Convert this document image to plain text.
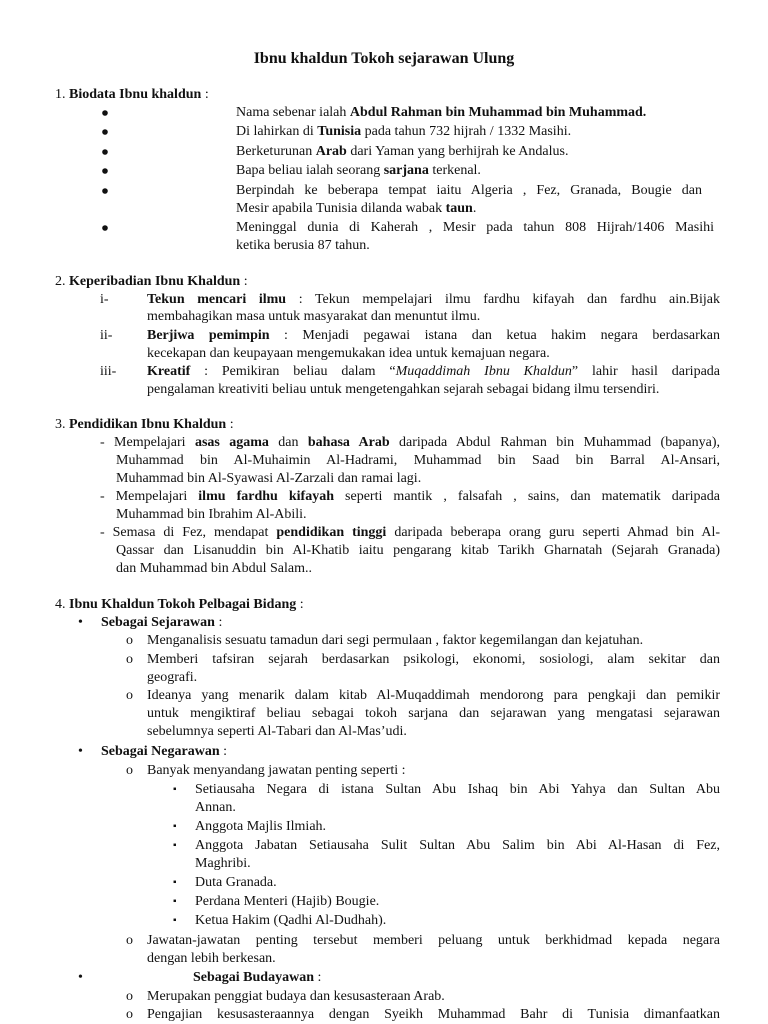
Ibnu khaldun Tokoh sejarawan Ulung
1. Biodata Ibnu khaldun :
Nama sebenar ialah Abdul Rahman bin Muhammad bin Muhammad.
Di lahirkan di Tunisia pada tahun 732 hijrah / 1332 Masihi.
Berketurunan Arab dari Yaman yang berhijrah ke Andalus.
Bapa beliau ialah seorang sarjana terkenal.
Berpindah ke beberapa tempat iaitu Algeria , Fez, Granada, Bougie dan
Mesir apabila Tunisia dilanda wabak taun.
Meninggal dunia di Kaherah , Mesir pada tahun 808 Hijrah/1406 Masihi
ketika berusia 87 tahun.
2. Keperibadian Ibnu Khaldun :
i-	Tekun mencari ilmu : Tekun mempelajari ilmu fardhu kifayah dan fardhu ain.Bijak
membahagikan masa untuk masyarakat dan menuntut ilmu.
ii- Berjiwa pemimpin : Menjadi pegawai istana dan ketua hakim negara berdasarkan
kecekapan dan keupayaan mengemukakan idea untuk kemajuan negara.
iii- Kreatif : Pemikiran beliau dalam “Muqaddimah Ibnu Khaldun” lahir hasil daripada
pengalaman kreativiti beliau untuk mengetengahkan sejarah sebagai bidang ilmu tersendiri.
3. Pendidikan Ibnu Khaldun :
- Mempelajari asas agama dan bahasa Arab daripada Abdul Rahman bin Muhammad (bapanya),
Muhammad bin Al-Muhaimin Al-Hadrami, Muhammad bin Saad bin Barral Al-Ansari,
Muhammad bin Al-Syawasi Al-Zarzali dan ramai lagi.
- Mempelajari ilmu fardhu kifayah seperti mantik , falsafah , sains, dan matematik daripada
Muhammad bin Ibrahim Al-Abili.
- Semasa di Fez, mendapat pendidikan tinggi daripada beberapa orang guru seperti Ahmad bin Al-
Qassar dan Lisanuddin bin Al-Khatib iaitu pengarang kitab Tarikh Gharnatah (Sejarah Granada)
dan Muhammad bin Abdul Salam..
4. Ibnu Khaldun Tokoh Pelbagai Bidang :
• Sebagai Sejarawan :
o Menganalisis sesuatu tamadun dari segi permulaan , faktor kegemilangan dan kejatuhan.
o Memberi tafsiran sejarah berdasarkan psikologi, ekonomi, sosiologi, alam sekitar dan
geografi.
o Ideanya yang menarik dalam kitab Al-Muqaddimah mendorong para pengkaji dan pemikir
untuk mengiktiraf beliau sebagai tokoh sarjana dan sejarawan yang mengatasi sejarawan
sebelumnya seperti Al-Tabari dan Al-Mas’udi.
• Sebagai Negarawan :
o Banyak menyandang jawatan penting seperti :
▪ Setiausaha Negara di istana Sultan Abu Ishaq bin Abi Yahya dan Sultan Abu
Annan.
▪ Anggota Majlis Ilmiah.
▪ Anggota Jabatan Setiausaha Sulit Sultan Abu Salim bin Abi Al-Hasan di Fez,
Maghribi.
▪ Duta Granada.
▪ Perdana Menteri (Hajib) Bougie.
▪ Ketua Hakim (Qadhi Al-Dudhah).
o Jawatan-jawatan penting tersebut memberi peluang untuk berkhidmad kepada negara
dengan lebih berkesan.
•	Sebagai Budayawan :
o Merupakan penggiat budaya dan kesusasteraan Arab.
o Pengajian kesusasteraannya dengan Syeikh Muhammad Bahr di Tunisia dimanfaatkan
